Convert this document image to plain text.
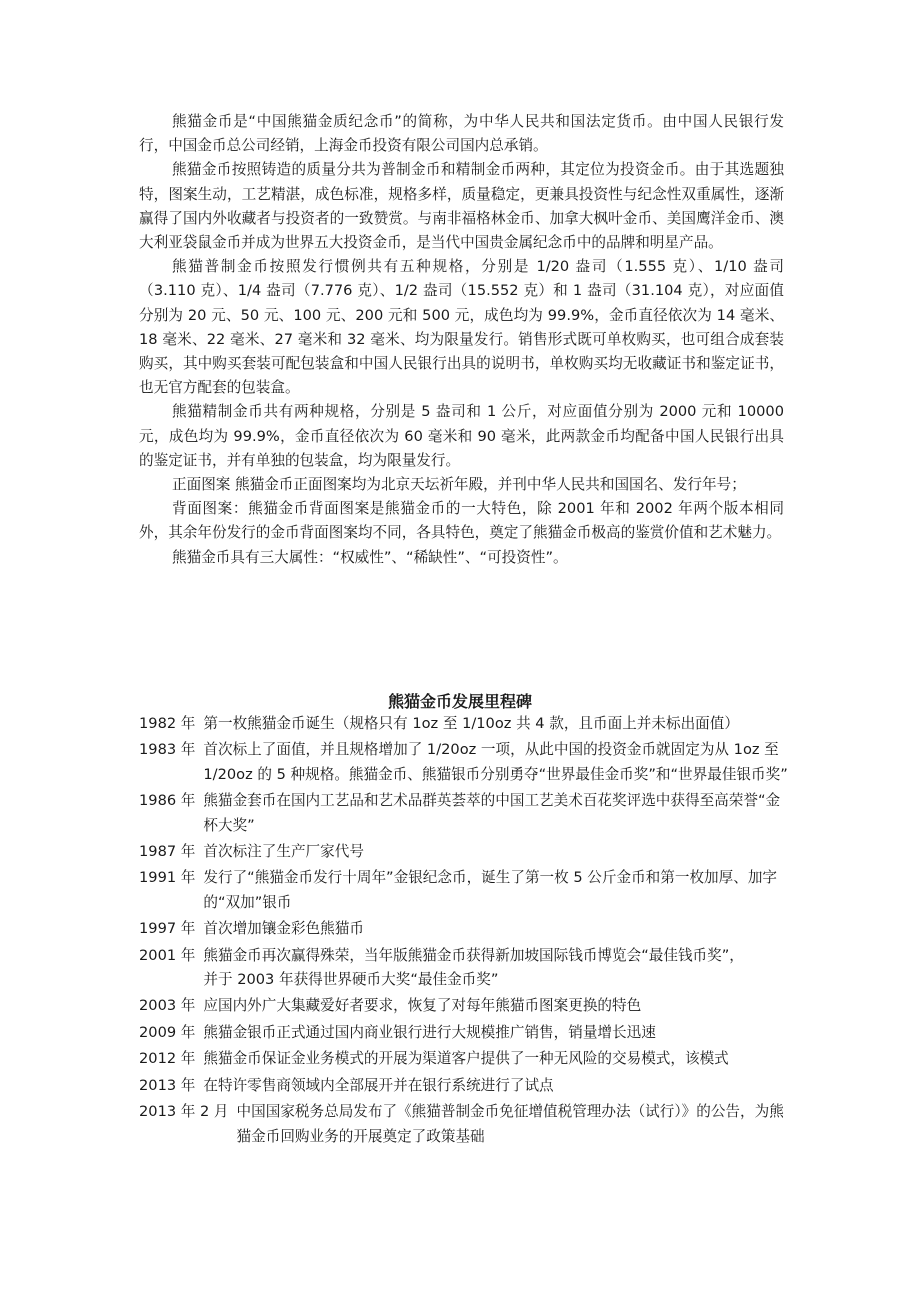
熊猫金币是“中国熊猫金质纪念币”的简称，为中华人民共和国法定货币。由中国人民银行发行，中国金币总公司经销，上海金币投资有限公司国内总承销。

熊猫金币按照铸造的质量分共为普制金币和精制金币两种，其定位为投资金币。由于其选题独特，图案生动，工艺精湛，成色标准，规格多样，质量稳定，更兼具投资性与纪念性双重属性，逐渐赢得了国内外收藏者与投资者的一致赞赏。与南非福格林金币、加拿大枫叶金币、美国鹰洋金币、澳大利亚袋鼠金币并成为世界五大投资金币，是当代中国贵金属纪念币中的品牌和明星产品。

熊猫普制金币按照发行惯例共有五种规格，分别是 1/20 盎司（1.555 克）、1/10 盎司（3.110 克）、1/4 盎司（7.776 克）、1/2 盎司（15.552 克）和 1 盎司（31.104 克），对应面值分别为 20 元、50 元、100 元、200 元和 500 元，成色均为 99.9%，金币直径依次为 14 毫米、18 毫米、22 毫米、27 毫米和 32 毫米、均为限量发行。销售形式既可单枚购买，也可组合成套装购买，其中购买套装可配包装盒和中国人民银行出具的说明书，单枚购买均无收藏证书和鉴定证书，也无官方配套的包装盒。

熊猫精制金币共有两种规格，分别是 5 盎司和 1 公斤，对应面值分别为 2000 元和 10000 元，成色均为 99.9%，金币直径依次为 60 毫米和 90 毫米，此两款金币均配备中国人民银行出具的鉴定证书，并有单独的包装盒，均为限量发行。

正面图案 熊猫金币正面图案均为北京天坛祈年殿，并刊中华人民共和国国名、发行年号；

背面图案：熊猫金币背面图案是熊猫金币的一大特色，除 2001 年和 2002 年两个版本相同外，其余年份发行的金币背面图案均不同，各具特色，奠定了熊猫金币极高的鉴赏价值和艺术魅力。

熊猫金币具有三大属性：“权威性”、“稀缺性”、“可投资性”。

熊猫金币发展里程碑
1982 年 第一枚熊猫金币诞生（规格只有 1oz 至 1/10oz 共 4 款，且币面上并未标出面值）
1983 年 首次标上了面值，并且规格增加了 1/20oz 一项，从此中国的投资金币就固定为从 1oz 至 1/20oz 的 5 种规格。熊猫金币、熊猫银币分别勇夺“世界最佳金币奖”和“世界最佳银币奖”
1986 年 熊猫金套币在国内工艺品和艺术品群英荟萃的中国工艺美术百花奖评选中获得至高荣誉“金杯大奖”
1987 年 首次标注了生产厂家代号
1991 年 发行了“熊猫金币发行十周年”金银纪念币，诞生了第一枚 5 公斤金币和第一枚加厚、加字的“双加”银币
1997 年 首次增加镶金彩色熊猫币
2001 年 熊猫金币再次赢得殊荣，当年版熊猫金币获得新加坡国际钱币博览会“最佳钱币奖”，
并于 2003 年获得世界硬币大奖“最佳金币奖”
2003 年 应国内外广大集藏爱好者要求，恢复了对每年熊猫币图案更换的特色
2009 年 熊猫金银币正式通过国内商业银行进行大规模推广销售，销量增长迅速
2012 年 熊猫金币保证金业务模式的开展为渠道客户提供了一种无风险的交易模式，该模式
2013 年 在特许零售商领域内全部展开并在银行系统进行了试点
2013 年 2 月 中国国家税务总局发布了《熊猫普制金币免征增值税管理办法（试行）》的公告，为熊猫金币回购业务的开展奠定了政策基础
